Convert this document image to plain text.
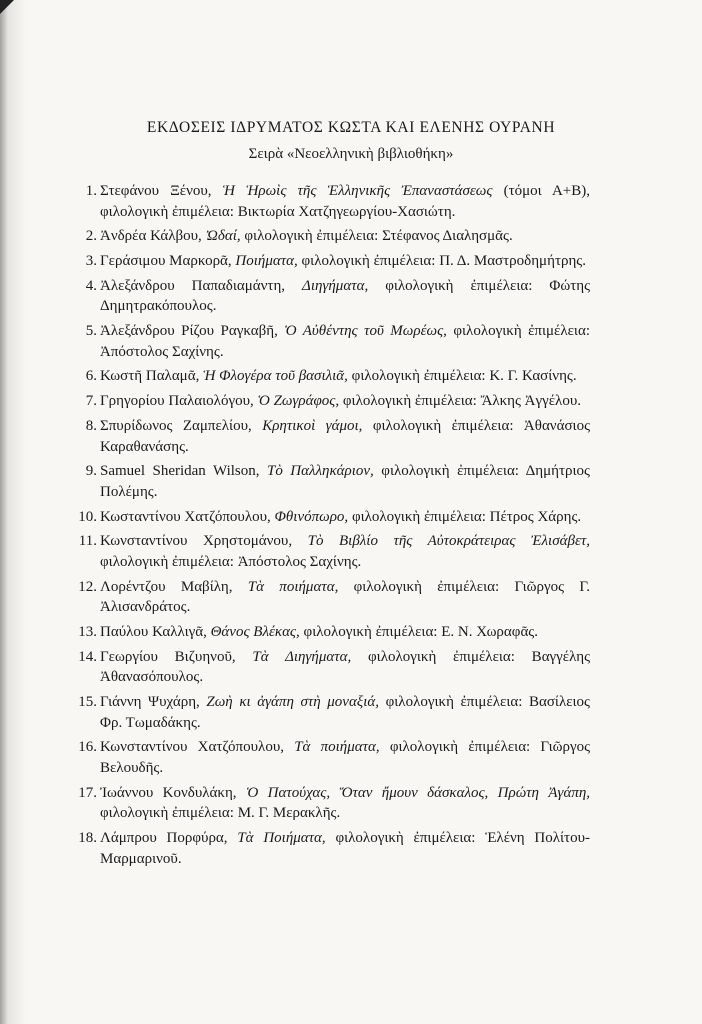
ΕΚΔΟΣΕΙΣ ΙΔΡΥΜΑΤΟΣ ΚΩΣΤΑ ΚΑΙ ΕΛΕΝΗΣ ΟΥΡΑΝΗ
Σειρὰ «Νεοελληνικὴ βιβλιοθήκη»
1. Στεφάνου Ξένου, Ἡ Ἡρωὶς τῆς Ἑλληνικῆς Ἐπαναστάσεως (τόμοι Α+Β), φιλολογικὴ ἐπιμέλεια: Βικτωρία Χατζηγεωργίου-Χασιώτη.
2. Ἀνδρέα Κάλβου, Ὠδαί, φιλολογικὴ ἐπιμέλεια: Στέφανος Διαλησμᾶς.
3. Γεράσιμου Μαρκορᾶ, Ποιήματα, φιλολογικὴ ἐπιμέλεια: Π. Δ. Μαστροδημήτρης.
4. Ἀλεξάνδρου Παπαδιαμάντη, Διηγήματα, φιλολογικὴ ἐπιμέλεια: Φώτης Δημητρακόπουλος.
5. Ἀλεξάνδρου Ρίζου Ραγκαβῆ, Ὁ Αὐθέντης τοῦ Μωρέως, φιλολογικὴ ἐπιμέλεια: Ἀπόστολος Σαχίνης.
6. Κωστῆ Παλαμᾶ, Ἡ Φλογέρα τοῦ βασιλιᾶ, φιλολογικὴ ἐπιμέλεια: Κ. Γ. Κασίνης.
7. Γρηγορίου Παλαιολόγου, Ὁ Ζωγράφος, φιλολογικὴ ἐπιμέλεια: Ἄλκης Ἀγγέλου.
8. Σπυρίδωνος Ζαμπελίου, Κρητικοὶ γάμοι, φιλολογικὴ ἐπιμέλεια: Ἀθανάσιος Καραθανάσης.
9. Samuel Sheridan Wilson, Τὸ Παλληκάριον, φιλολογικὴ ἐπιμέλεια: Δημήτριος Πολέμης.
10. Κωσταντίνου Χατζόπουλου, Φθινόπωρο, φιλολογικὴ ἐπιμέλεια: Πέτρος Χάρης.
11. Κωνσταντίνου Χρηστομάνου, Τὸ Βιβλίο τῆς Αὐτοκράτειρας Ἐλισάβετ, φιλολογικὴ ἐπιμέλεια: Ἀπόστολος Σαχίνης.
12. Λορέντζου Μαβίλη, Τὰ ποιήματα, φιλολογικὴ ἐπιμέλεια: Γιῶργος Γ. Ἀλισανδράτος.
13. Παύλου Καλλιγᾶ, Θάνος Βλέκας, φιλολογικὴ ἐπιμέλεια: Ε. Ν. Χωραφᾶς.
14. Γεωργίου Βιζυηνοῦ, Τὰ Διηγήματα, φιλολογικὴ ἐπιμέλεια: Βαγγέλης Ἀθανασόπουλος.
15. Γιάννη Ψυχάρη, Ζωὴ κι ἀγάπη στὴ μοναξιά, φιλολογικὴ ἐπιμέλεια: Βασίλειος Φρ. Τωμαδάκης.
16. Κωνσταντίνου Χατζόπουλου, Τὰ ποιήματα, φιλολογικὴ ἐπιμέλεια: Γιῶργος Βελουδῆς.
17. Ἰωάννου Κονδυλάκη, Ὁ Πατούχας, Ὅταν ἤμουν δάσκαλος, Πρώτη Ἀγάπη, φιλολογικὴ ἐπιμέλεια: Μ. Γ. Μερακλῆς.
18. Λάμπρου Πορφύρα, Τὰ Ποιήματα, φιλολογικὴ ἐπιμέλεια: Ἑλένη Πολίτου-Μαρμαρινοῦ.
